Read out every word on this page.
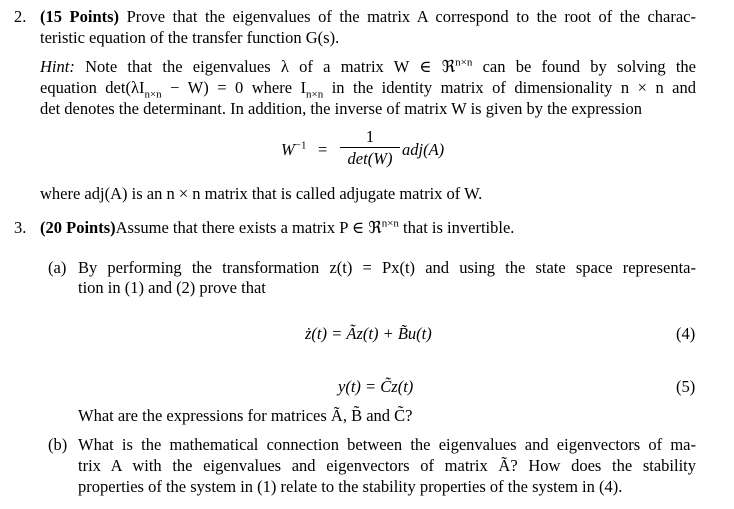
2. (15 Points) Prove that the eigenvalues of the matrix A correspond to the root of the charac-
teristic equation of the transfer function G(s).
Hint: Note that the eigenvalues λ of a matrix W ∈ ℜ$^{n\times n}$ can be found by solving the
equation $\det(\lambda I_{n\times n} - W) = 0$ where $I_{n\times n}$ in the identity matrix of dimensionality n × n and
det denotes the determinant. In addition, the inverse of matrix W is given by the expression
$W^{-1}$ =
1
det(W) adj(A)
where adj(A) is an n × n matrix that is called adjugate matrix of W.
3. (20 Points)Assume that there exists a matrix P ∈ ℜ$^{n\times n}$ that is invertible.
(a) By performing the transformation z(t) = Px(t) and using the state space representa-
tion in (1) and (2) prove that
ż(t) = Ãz(t) + B̃u(t)	(4)
y(t) = C̃z(t)	(5)
What are the expressions for matrices Ã, B̃ and C̃?
(b) What is the mathematical connection between the eigenvalues and eigenvectors of ma-
trix A with the eigenvalues and eigenvectors of matrix Ã? How does the stability
properties of the system in (1) relate to the stability properties of the system in (4).
